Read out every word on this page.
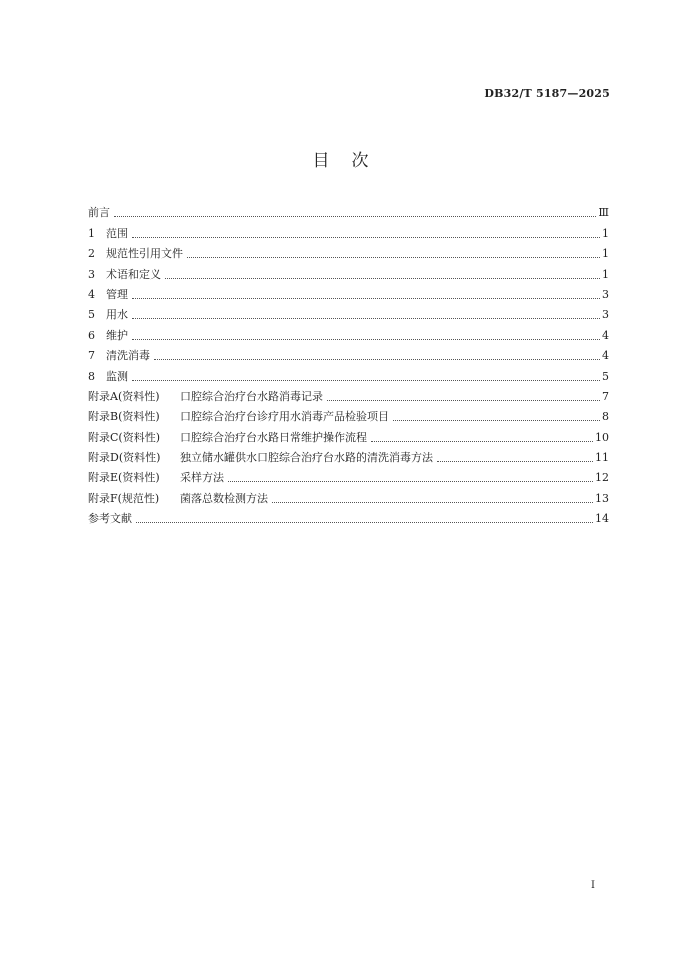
DB32/T 5187—2025
目次
前言	Ⅲ
1	范围	1
2	规范性引用文件	1
3	术语和定义	1
4	管理	3
5	用水	3
6	维护	4
7	清洗消毒	4
8	监测	5
附录A(资料性)	口腔综合治疗台水路消毒记录	7
附录B(资料性)	口腔综合治疗台诊疗用水消毒产品检验项目	8
附录C(资料性)	口腔综合治疗台水路日常维护操作流程	10
附录D(资料性)	独立储水罐供水口腔综合治疗台水路的清洗消毒方法	11
附录E(资料性)	采样方法	12
附录F(规范性)	菌落总数检测方法	13
参考文献	14
I
